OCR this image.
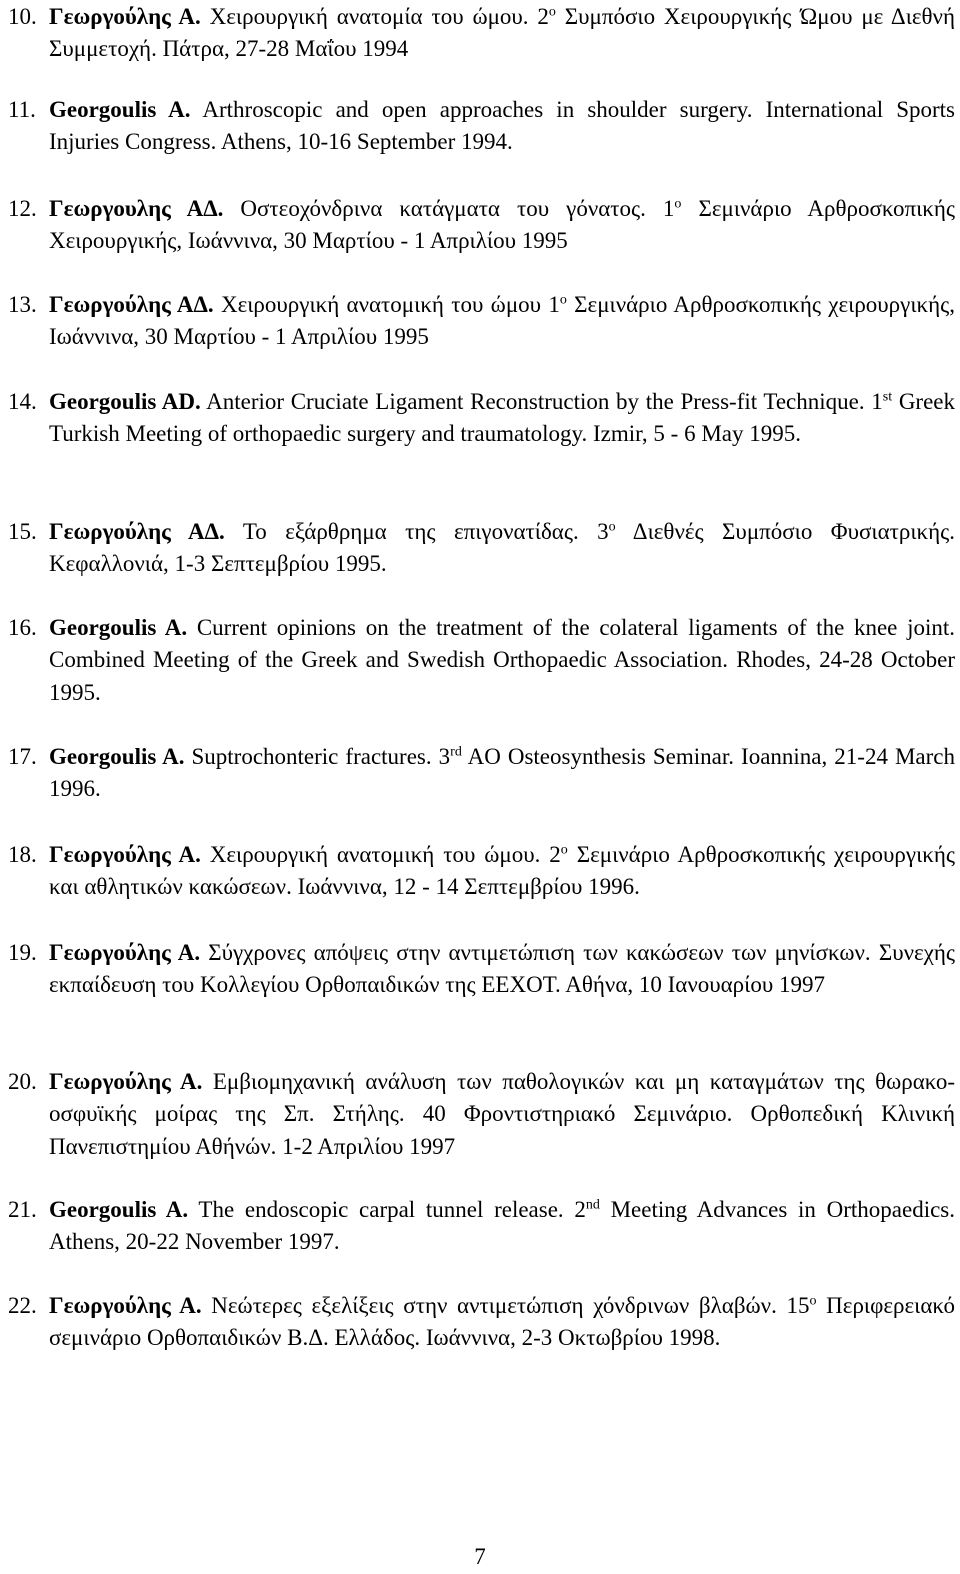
10. Γεωργούλης Α. Χειρουργική ανατομία του ώμου. $2^o$ Συμπόσιο Χειρουργικής Ώμου με Διεθνή Συμμετοχή. Πάτρα, 27-28 Μαΐου 1994
11. Georgoulis A. Arthroscopic and open approaches in shoulder surgery. International Sports Injuries Congress. Athens, 10-16 September 1994.
12. Γεωργουλης ΑΔ. Οστεοχόνδρινα κατάγματα του γόνατος. $1^o$ Σεμινάριο Αρθροσκοπικής Χειρουργικής, Ιωάννινα, 30 Μαρτίου - 1 Απριλίου 1995
13. Γεωργούλης ΑΔ. Χειρουργική ανατομική του ώμου $1^o$ Σεμινάριο Αρθροσκοπικής χειρουργικής, Ιωάννινα, 30 Μαρτίου - 1 Απριλίου 1995
14. Georgoulis AD. Anterior Cruciate Ligament Reconstruction by the Press-fit Technique. 1st Greek Turkish Meeting of orthopaedic surgery and traumatology. Izmir, 5 - 6 May 1995.
15. Γεωργούλης ΑΔ. Το εξάρθρημα της επιγονατίδας. $3^o$ Διεθνές Συμπόσιο Φυσιατρικής. Κεφαλλονιά, 1-3 Σεπτεμβρίου 1995.
16. Georgoulis A. Current opinions on the treatment of the colateral ligaments of the knee joint. Combined Meeting of the Greek and Swedish Orthopaedic Association. Rhodes, 24-28 October 1995.
17. Georgoulis A. Suptrochonteric fractures. 3rd AO Osteosynthesis Seminar. Ioannina, 21-24 March 1996.
18. Γεωργούλης Α. Χειρουργική ανατομική του ώμου. $2^o$ Σεμινάριο Αρθροσκοπικής χειρουργικής και αθλητικών κακώσεων. Ιωάννινα, 12 - 14 Σεπτεμβρίου 1996.
19. Γεωργούλης Α. Σύγχρονες απόψεις στην αντιμετώπιση των κακώσεων των μηνίσκων. Συνεχής εκπαίδευση του Κολλεγίου Ορθοπαιδικών της ΕΕΧΟΤ. Αθήνα, 10 Ιανουαρίου 1997
20. Γεωργούλης Α. Εμβιομηχανική ανάλυση των παθολογικών και μη καταγμάτων της θωρακο-οσφυϊκής μοίρας της Σπ. Στήλης. 40 Φροντιστηριακό Σεμινάριο. Ορθοπεδική Κλινική Πανεπιστημίου Αθήνών. 1-2 Απριλίου 1997
21. Georgoulis A. The endoscopic carpal tunnel release. 2nd Meeting Advances in Orthopaedics. Athens, 20-22 November 1997.
22. Γεωργούλης Α. Νεώτερες εξελίξεις στην αντιμετώπιση χόνδρινων βλαβών. $15^o$ Περιφερειακό σεμινάριο Ορθοπαιδικών Β.Δ. Ελλάδος. Ιωάννινα, 2-3 Οκτωβρίου 1998.
7
